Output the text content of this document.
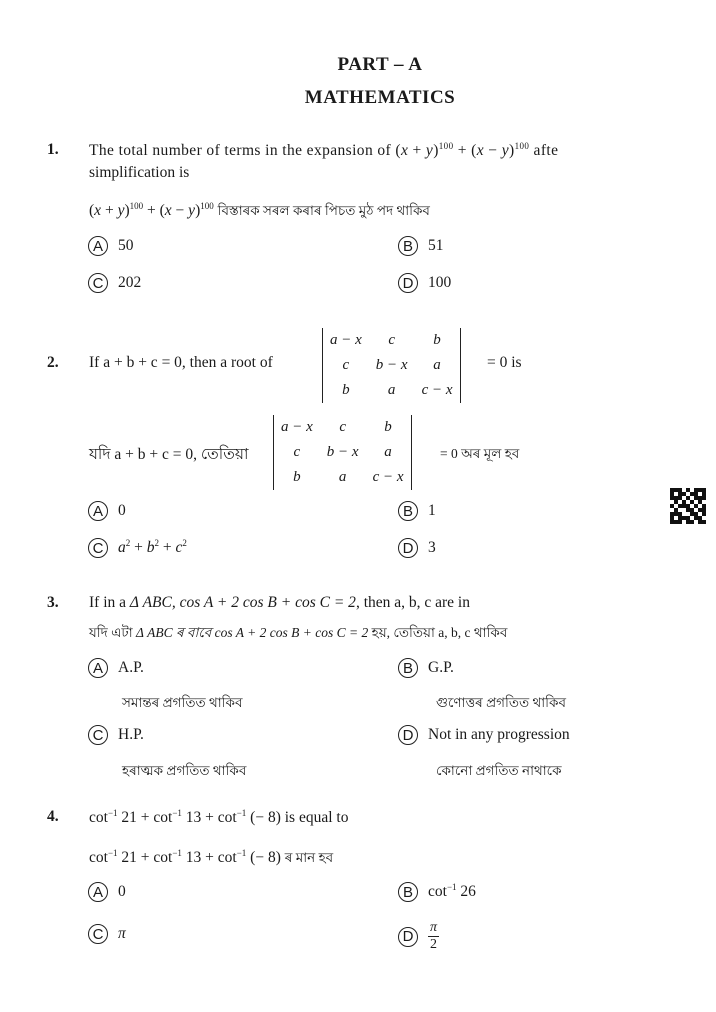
PART – A
MATHEMATICS
1. The total number of terms in the expansion of $(x + y)^{100} + (x - y)^{100}$ afte
simplification is
$(x + y)^{100} + (x - y)^{100}$ বিস্তাৰক সৰল কৰাৰ পিচত মুঠ পদ থাকিব
A 50	B 51
C 202	D 100
2. If a + b + c = 0, then a root of
a − x	c	b
c	b − x	a
b	a	c − x
= 0 is
যদি a + b + c = 0, তেতিয়া
a − x	c	b
c	b − x	a
b	a	c − x
= 0 অৰ মূল হব
A 0	B 1
C $a^2 + b^2 + c^2$	D 3
3. If in a Δ ABC, cos A + 2 cos B + cos C = 2, then a, b, c are in
যদি এটা Δ ABC ৰ বাবে cos A + 2 cos B + cos C = 2 হয়, তেতিয়া a, b, c থাকিব
A A.P.
সমান্তৰ প্ৰগতিত থাকিব
B G.P.
গুণোত্তৰ প্ৰগতিত থাকিব
C H.P.
হৰাত্মক প্ৰগতিত থাকিব
D Not in any progression
কোনো প্ৰগতিত নাথাকে
4. $\cot^{-1} 21 + \cot^{-1} 13 + \cot^{-1}$ (− 8) is equal to
$\cot^{-1} 21 + \cot^{-1} 13 + \cot^{-1}$ (− 8) ৰ মান হব
A 0	B $\cot^{-1} 26$
C π	D	$\frac{\pi}{2}$
